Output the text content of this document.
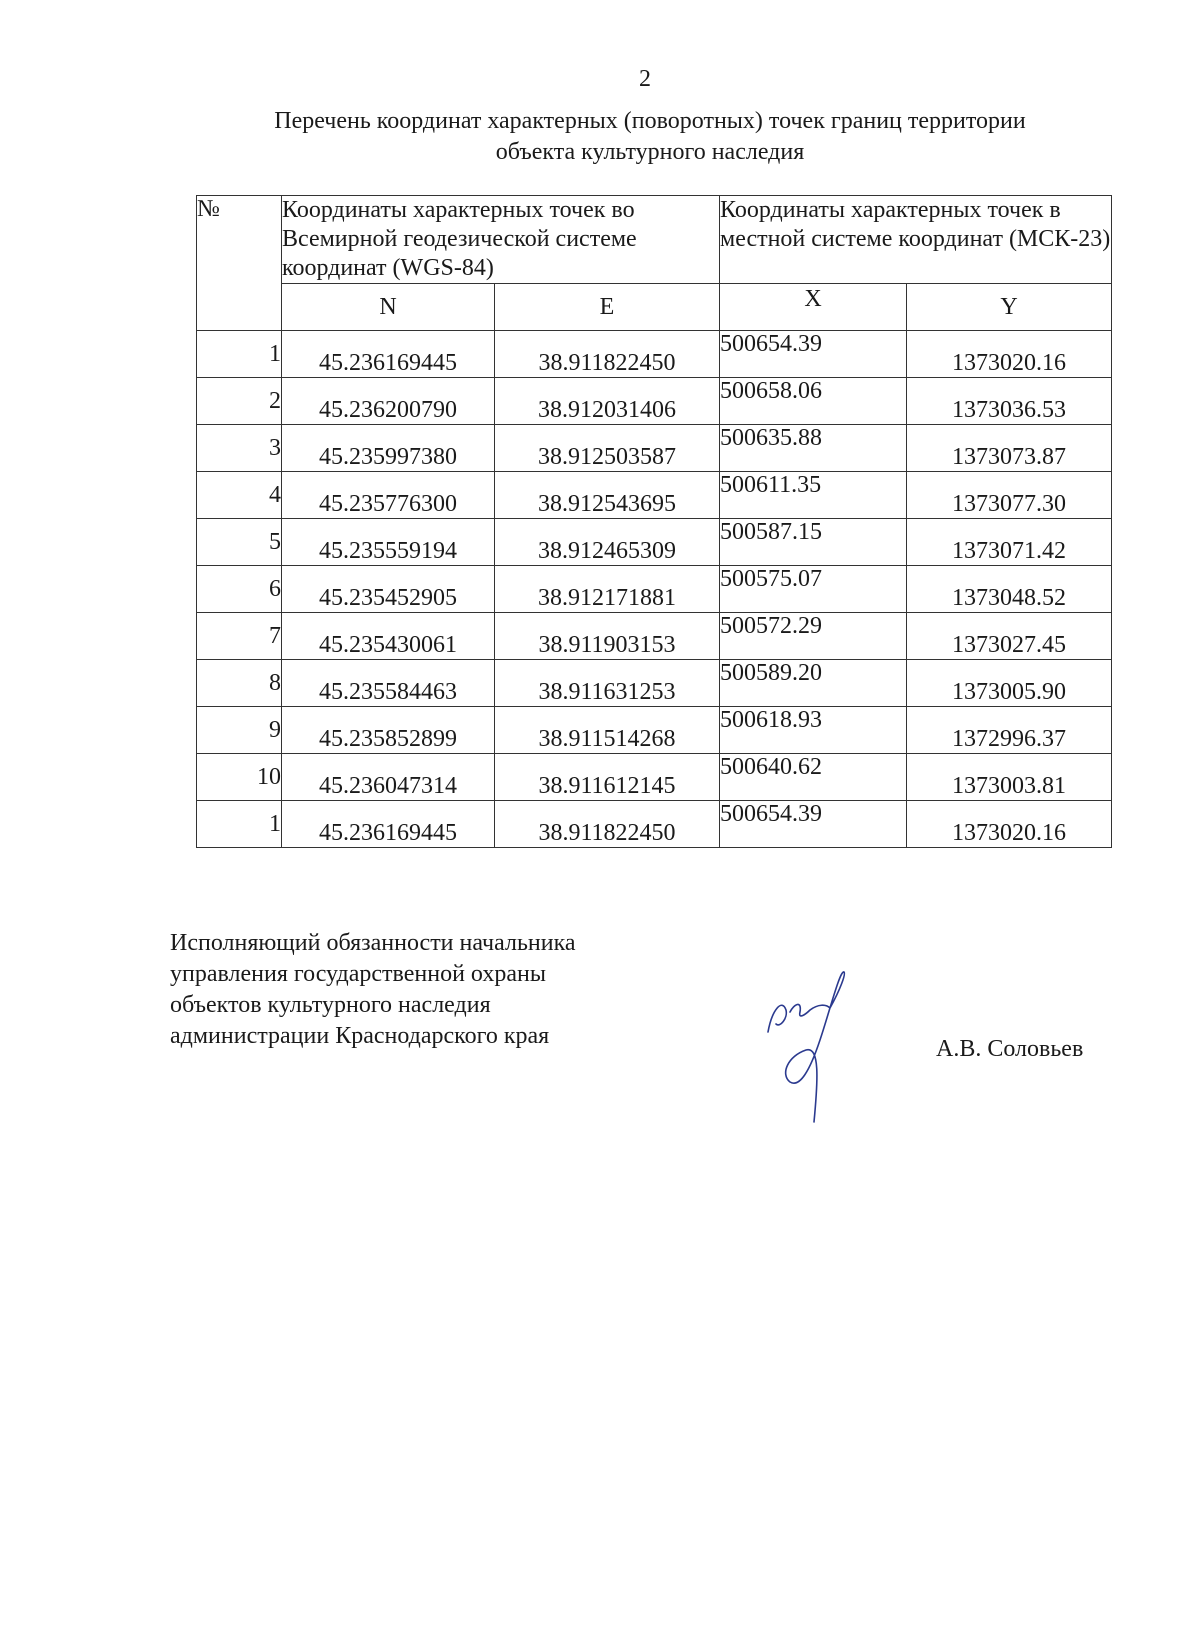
2
Перечень координат характерных (поворотных) точек границ территории
объекта культурного наследия
№	Координаты характерных точек во Всемирной геодезической системе координат (WGS-84)		Координаты характерных точек в местной системе координат (МСК-23)	
	N	E	X	Y
1	45.236169445	38.911822450	500654.39	1373020.16
2	45.236200790	38.912031406	500658.06	1373036.53
3	45.235997380	38.912503587	500635.88	1373073.87
4	45.235776300	38.912543695	500611.35	1373077.30
5	45.235559194	38.912465309	500587.15	1373071.42
6	45.235452905	38.912171881	500575.07	1373048.52
7	45.235430061	38.911903153	500572.29	1373027.45
8	45.235584463	38.911631253	500589.20	1373005.90
9	45.235852899	38.911514268	500618.93	1372996.37
10	45.236047314	38.911612145	500640.62	1373003.81
1	45.236169445	38.911822450	500654.39	1373020.16
Исполняющий обязанности начальника
управления государственной охраны
объектов культурного наследия
администрации Краснодарского края	А.В. Соловьев
